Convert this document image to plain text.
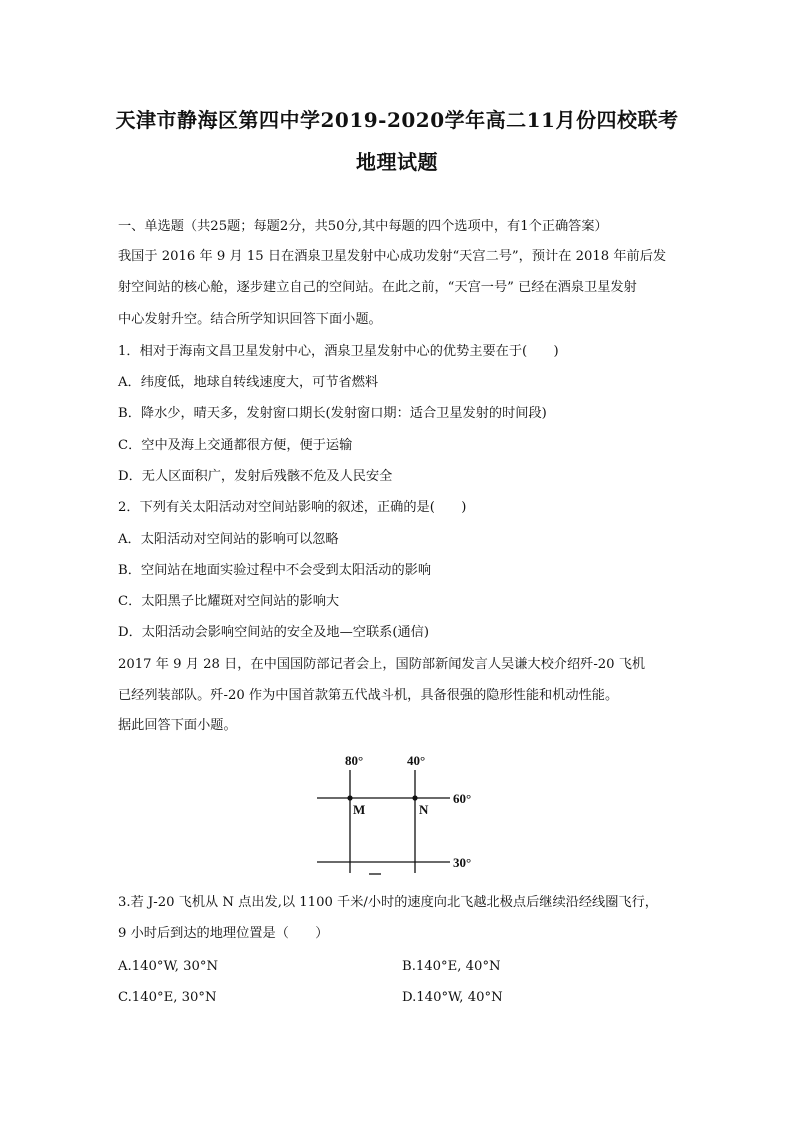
天津市静海区第四中学2019-2020学年高二11月份四校联考
地理试题
一、单选题（共25题；每题2分，共50分,其中每题的四个选项中，有1个正确答案）
我国于 2016 年 9 月 15 日在酒泉卫星发射中心成功发射“天宫二号”，预计在 2018 年前后发
射空间站的核心舱，逐步建立自己的空间站。在此之前，“天宫一号” 已经在酒泉卫星发射
中心发射升空。结合所学知识回答下面小题。
1．相对于海南文昌卫星发射中心，酒泉卫星发射中心的优势主要在于(　　)
A．纬度低，地球自转线速度大，可节省燃料
B．降水少，晴天多，发射窗口期长(发射窗口期：适合卫星发射的时间段)
C．空中及海上交通都很方便，便于运输
D．无人区面积广，发射后残骸不危及人民安全
2．下列有关太阳活动对空间站影响的叙述，正确的是(　　)
A．太阳活动对空间站的影响可以忽略
B．空间站在地面实验过程中不会受到太阳活动的影响
C．太阳黑子比耀斑对空间站的影响大
D．太阳活动会影响空间站的安全及地—空联系(通信)
2017 年 9 月 28 日，在中国国防部记者会上，国防部新闻发言人吴谦大校介绍歼-20 飞机
已经列装部队。歼-20 作为中国首款第五代战斗机，具备很强的隐形性能和机动性能。
据此回答下面小题。
80°	40°
60°
30°
M	N
3.若 J-20 飞机从 N 点出发,以 1100 千米/小时的速度向北飞越北极点后继续沿经线圈飞行，
9 小时后到达的地理位置是（　　）
A.140°W, 30°N	B.140°E, 40°N
C.140°E, 30°N	D.140°W, 40°N
